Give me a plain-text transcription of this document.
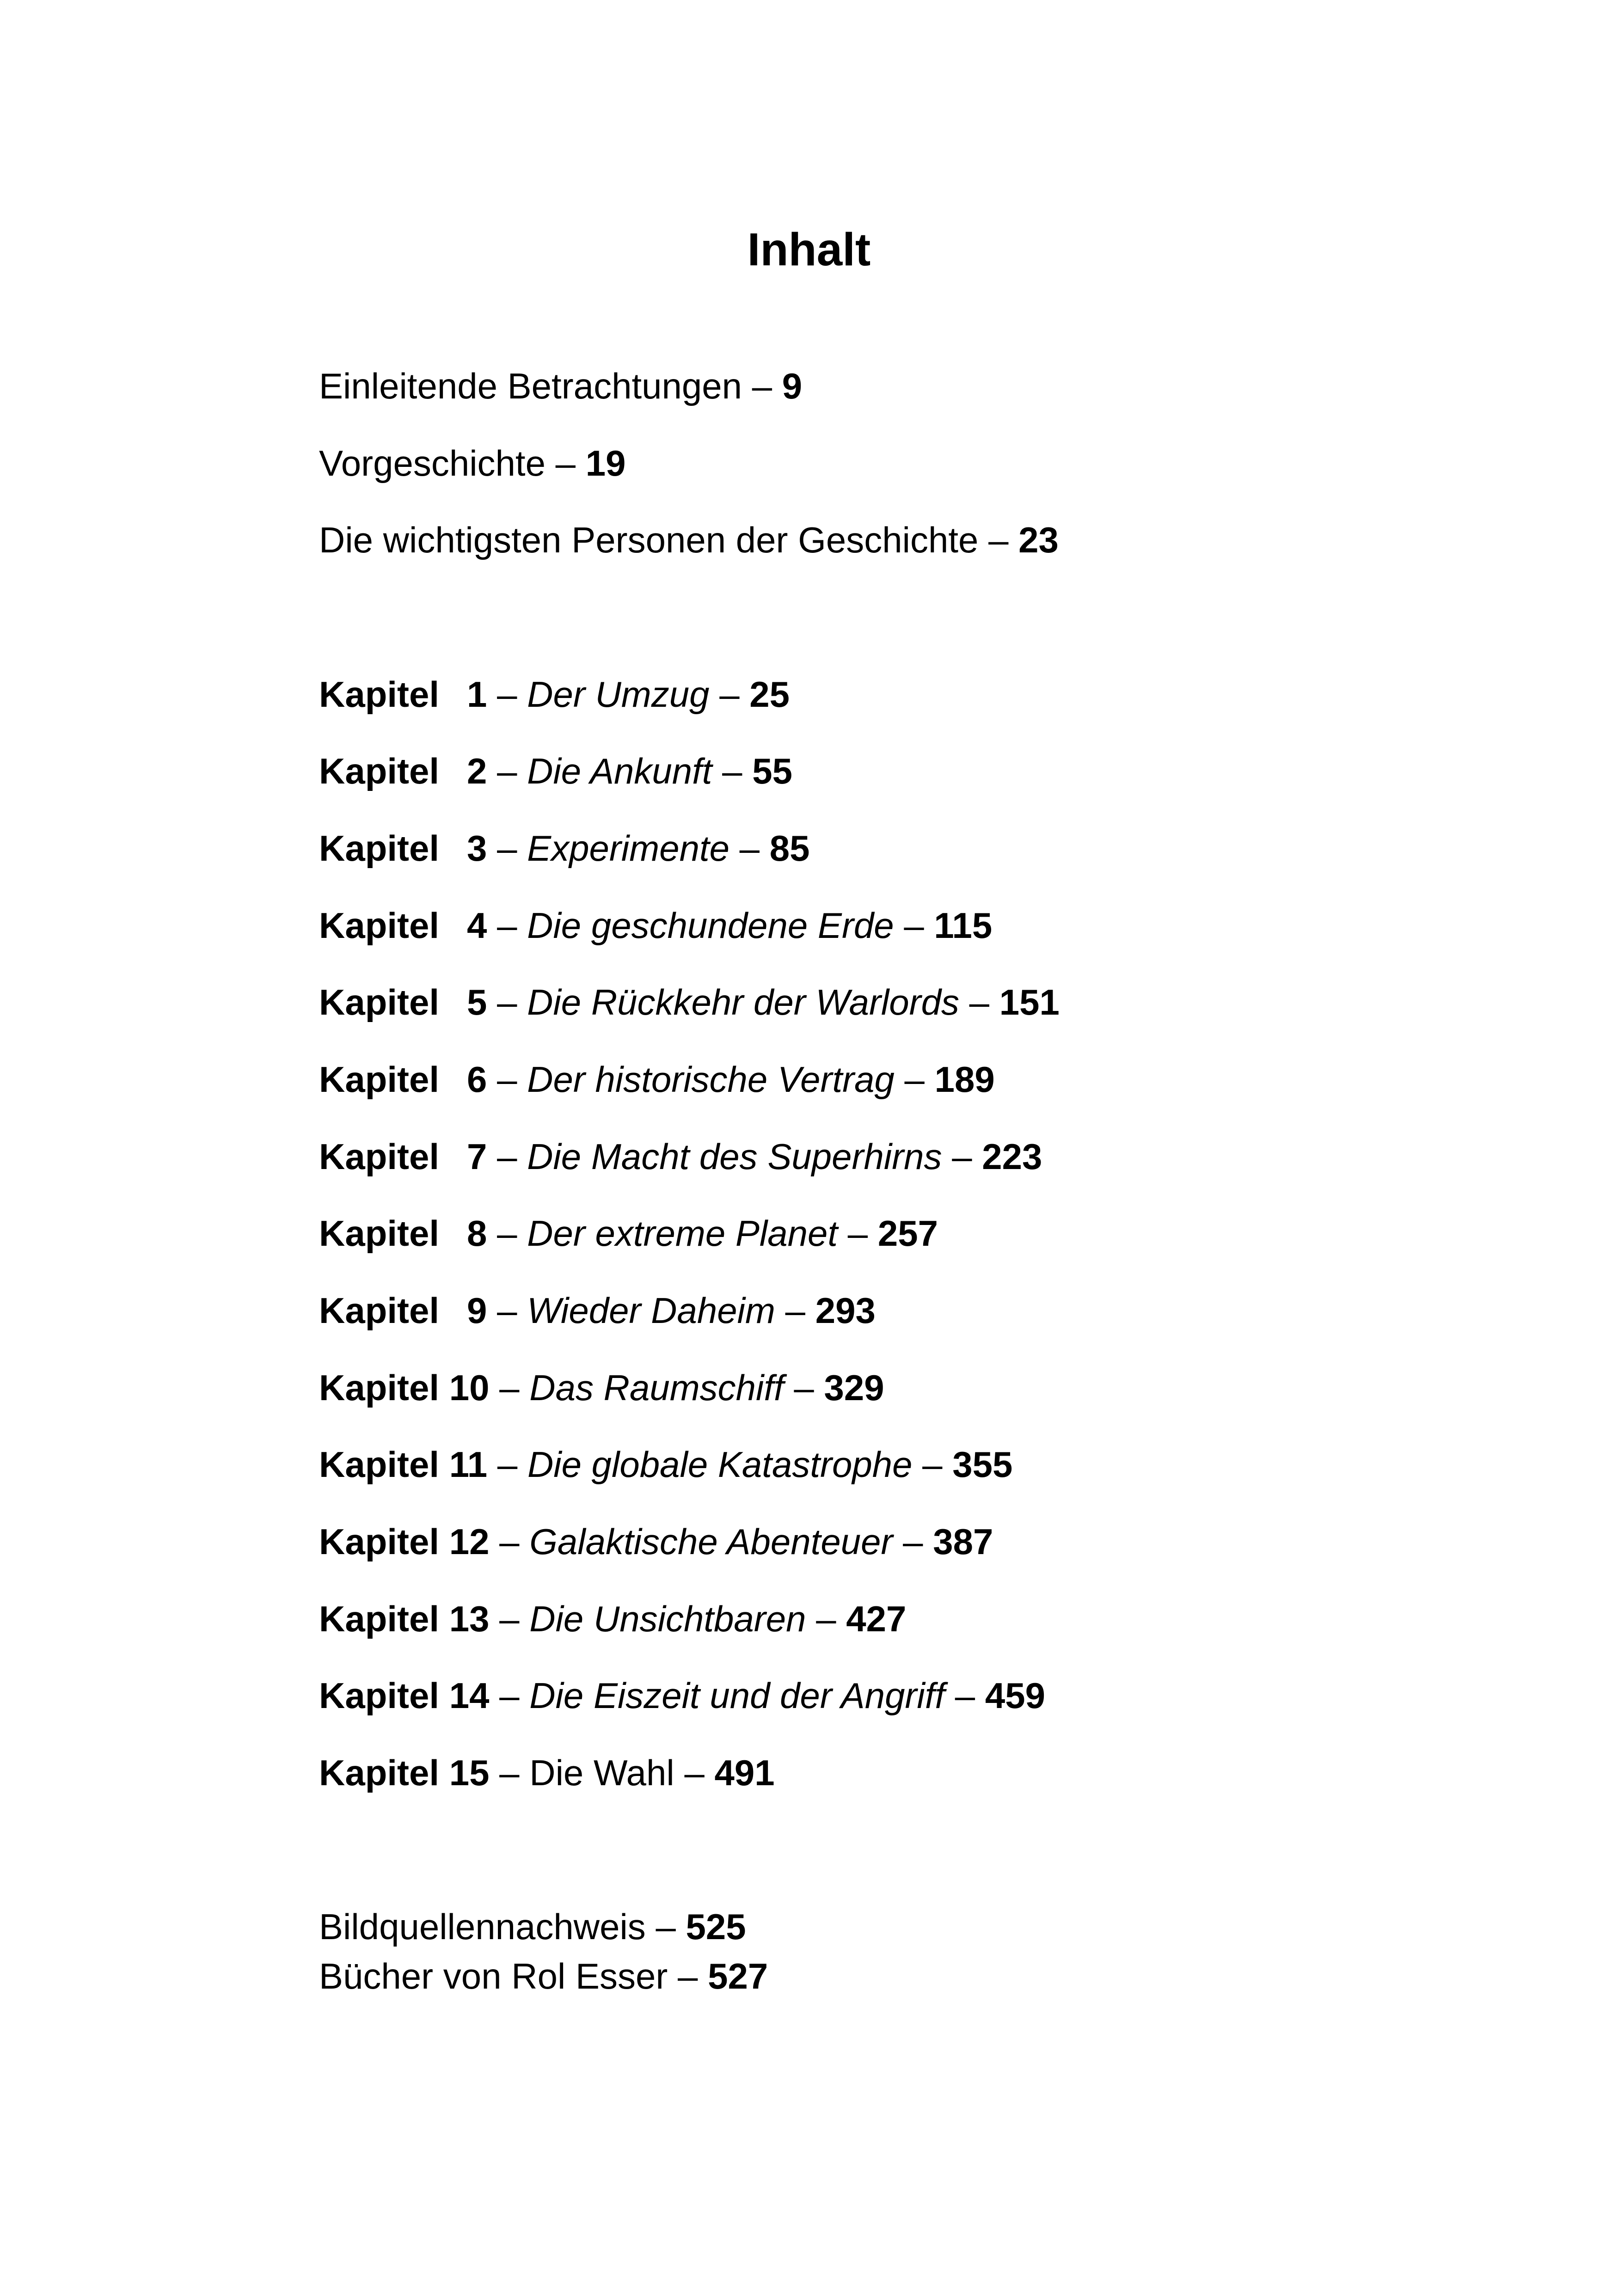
Inhalt
Einleitende Betrachtungen – 9
Vorgeschichte – 19
Die wichtigsten Personen der Geschichte – 23
Kapitel 1 – Der Umzug – 25
Kapitel 2 – Die Ankunft – 55
Kapitel 3 – Experimente – 85
Kapitel 4 – Die geschundene Erde – 115
Kapitel 5 – Die Rückkehr der Warlords – 151
Kapitel 6 – Der historische Vertrag – 189
Kapitel 7 – Die Macht des Superhirns – 223
Kapitel 8 – Der extreme Planet – 257
Kapitel 9 – Wieder Daheim – 293
Kapitel 10 – Das Raumschiff – 329
Kapitel 11 – Die globale Katastrophe – 355
Kapitel 12 – Galaktische Abenteuer – 387
Kapitel 13 – Die Unsichtbaren – 427
Kapitel 14 – Die Eiszeit und der Angriff – 459
Kapitel 15 – Die Wahl – 491
Bildquellennachweis – 525
Bücher von Rol Esser – 527
